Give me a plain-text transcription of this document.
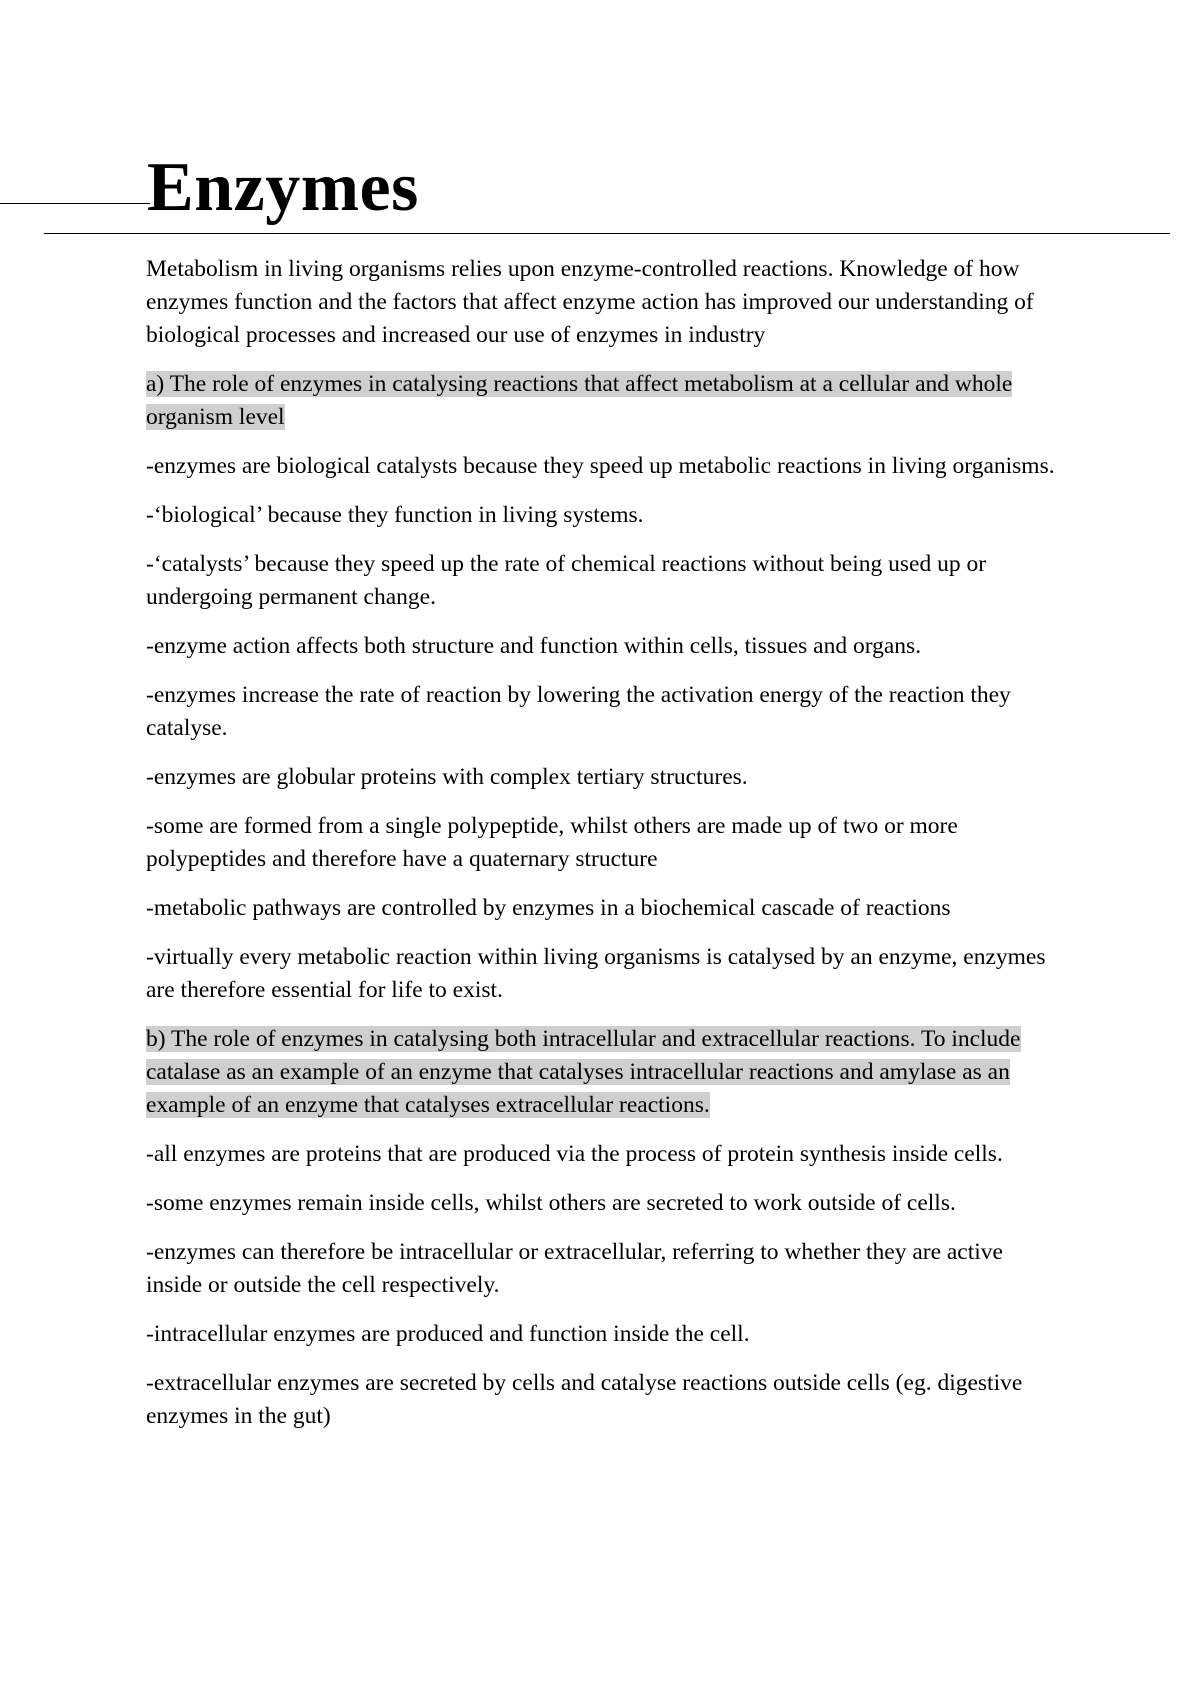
Enzymes

Metabolism in living organisms relies upon enzyme-controlled reactions. Knowledge of how enzymes function and the factors that affect enzyme action has improved our understanding of biological processes and increased our use of enzymes in industry

a) The role of enzymes in catalysing reactions that affect metabolism at a cellular and whole organism level

-enzymes are biological catalysts because they speed up metabolic reactions in living organisms.

-‘biological’ because they function in living systems.

-‘catalysts’ because they speed up the rate of chemical reactions without being used up or undergoing permanent change.

-enzyme action affects both structure and function within cells, tissues and organs.

-enzymes increase the rate of reaction by lowering the activation energy of the reaction they catalyse.

-enzymes are globular proteins with complex tertiary structures.

-some are formed from a single polypeptide, whilst others are made up of two or more polypeptides and therefore have a quaternary structure

-metabolic pathways are controlled by enzymes in a biochemical cascade of reactions

-virtually every metabolic reaction within living organisms is catalysed by an enzyme, enzymes are therefore essential for life to exist.

b) The role of enzymes in catalysing both intracellular and extracellular reactions. To include catalase as an example of an enzyme that catalyses intracellular reactions and amylase as an example of an enzyme that catalyses extracellular reactions.

-all enzymes are proteins that are produced via the process of protein synthesis inside cells.

-some enzymes remain inside cells, whilst others are secreted to work outside of cells.

-enzymes can therefore be intracellular or extracellular, referring to whether they are active inside or outside the cell respectively.

-intracellular enzymes are produced and function inside the cell.

-extracellular enzymes are secreted by cells and catalyse reactions outside cells (eg. digestive enzymes in the gut)
